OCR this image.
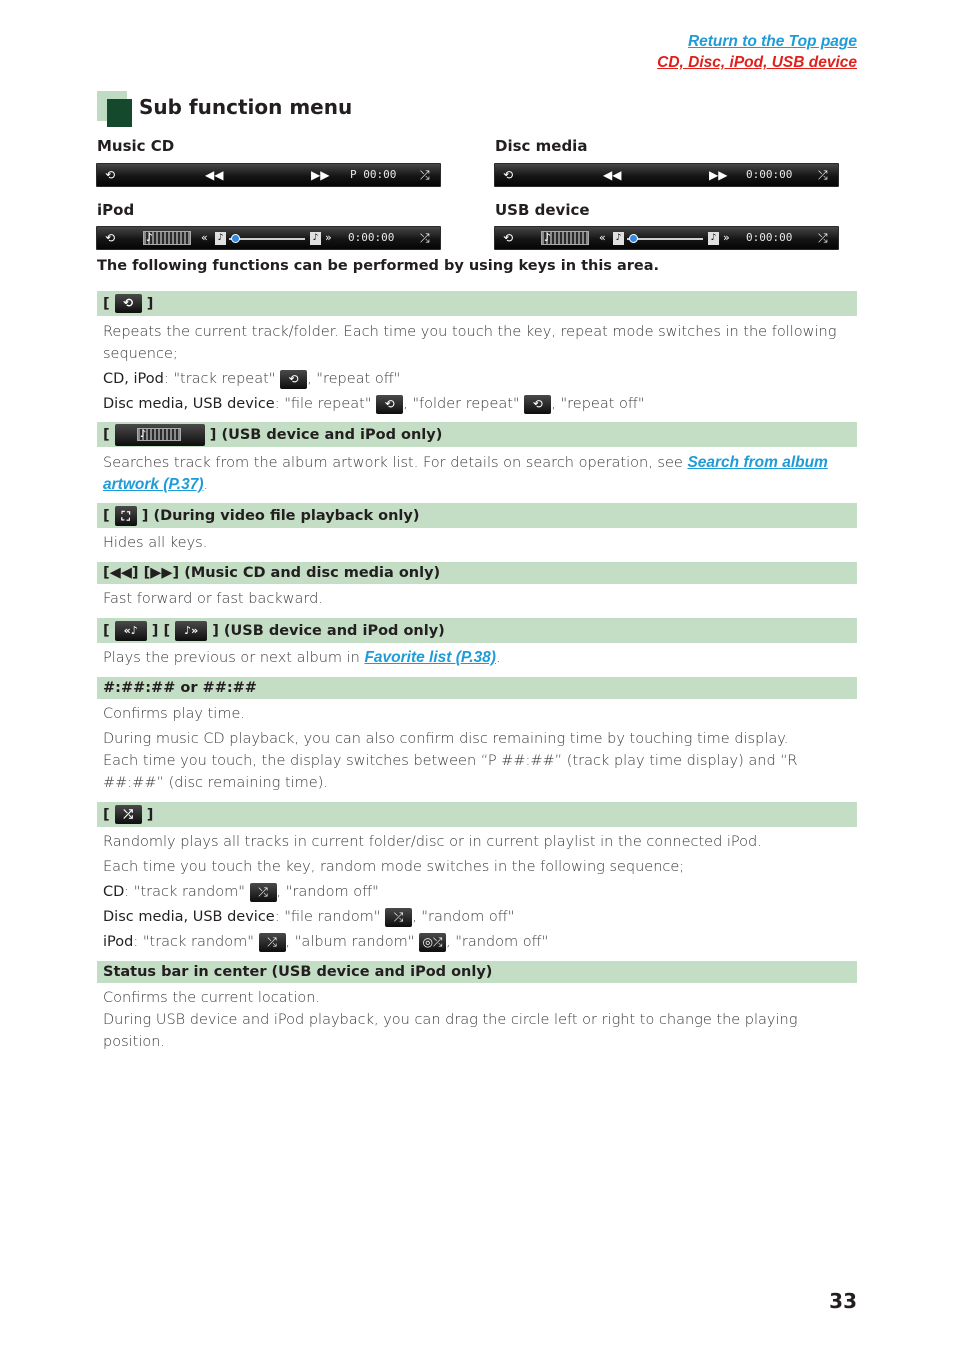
Return to the Top page
CD, Disc, iPod, USB device
Sub function menu
Music CD
⟲	◀◀	▶▶ P 00:00 ⤮
Disc media
⟲	◀◀	▶▶ 0:00:00 ⤮
iPod
⟲	♪	« ♪	♪ » 0:00:00 ⤮
USB device
⟲	♪	« ♪	♪ » 0:00:00 ⤮
The following functions can be performed by using keys in this area.
[
	⟲
]
Repeats the current track/folder. Each time you touch the key, repeat mode switches in the following sequence;
CD, iPod: "track repeat" ⟲ , "repeat off"
Disc media, USB device: "file repeat" ⟲ , "folder repeat" ⟲ , "repeat off"
[
	♪
	] (USB device and iPod only)
Searches track from the album artwork list. For details on search operation, see Search from album artwork (P.37).
[
⛶
] (During video file playback only)
Hides all keys.
[◀◀] [▶▶] (Music CD and disc media only)
Fast forward or fast backward.
[
	«♪
] [
	♪»
] (USB device and iPod only)
Plays the previous or next album in Favorite list (P.38).
#:##:## or ##:##
Confirms play time.
During music CD playback, you can also confirm disc remaining time by touching time display.
Each time you touch, the display switches between “P ##:##” (track play time display) and “R ##:##” (disc remaining time).
[
	⤮
]
Randomly plays all tracks in current folder/disc or in current playlist in the connected iPod.
Each time you touch the key, random mode switches in the following sequence;
CD: "track random" ⤮ , "random off"
Disc media, USB device: "file random" ⤮ , "random off"
iPod: "track random" ⤮ , "album random" ◎⤮ , "random off"
Status bar in center (USB device and iPod only)
Confirms the current location.
During USB device and iPod playback, you can drag the circle left or right to change the playing position.
33
